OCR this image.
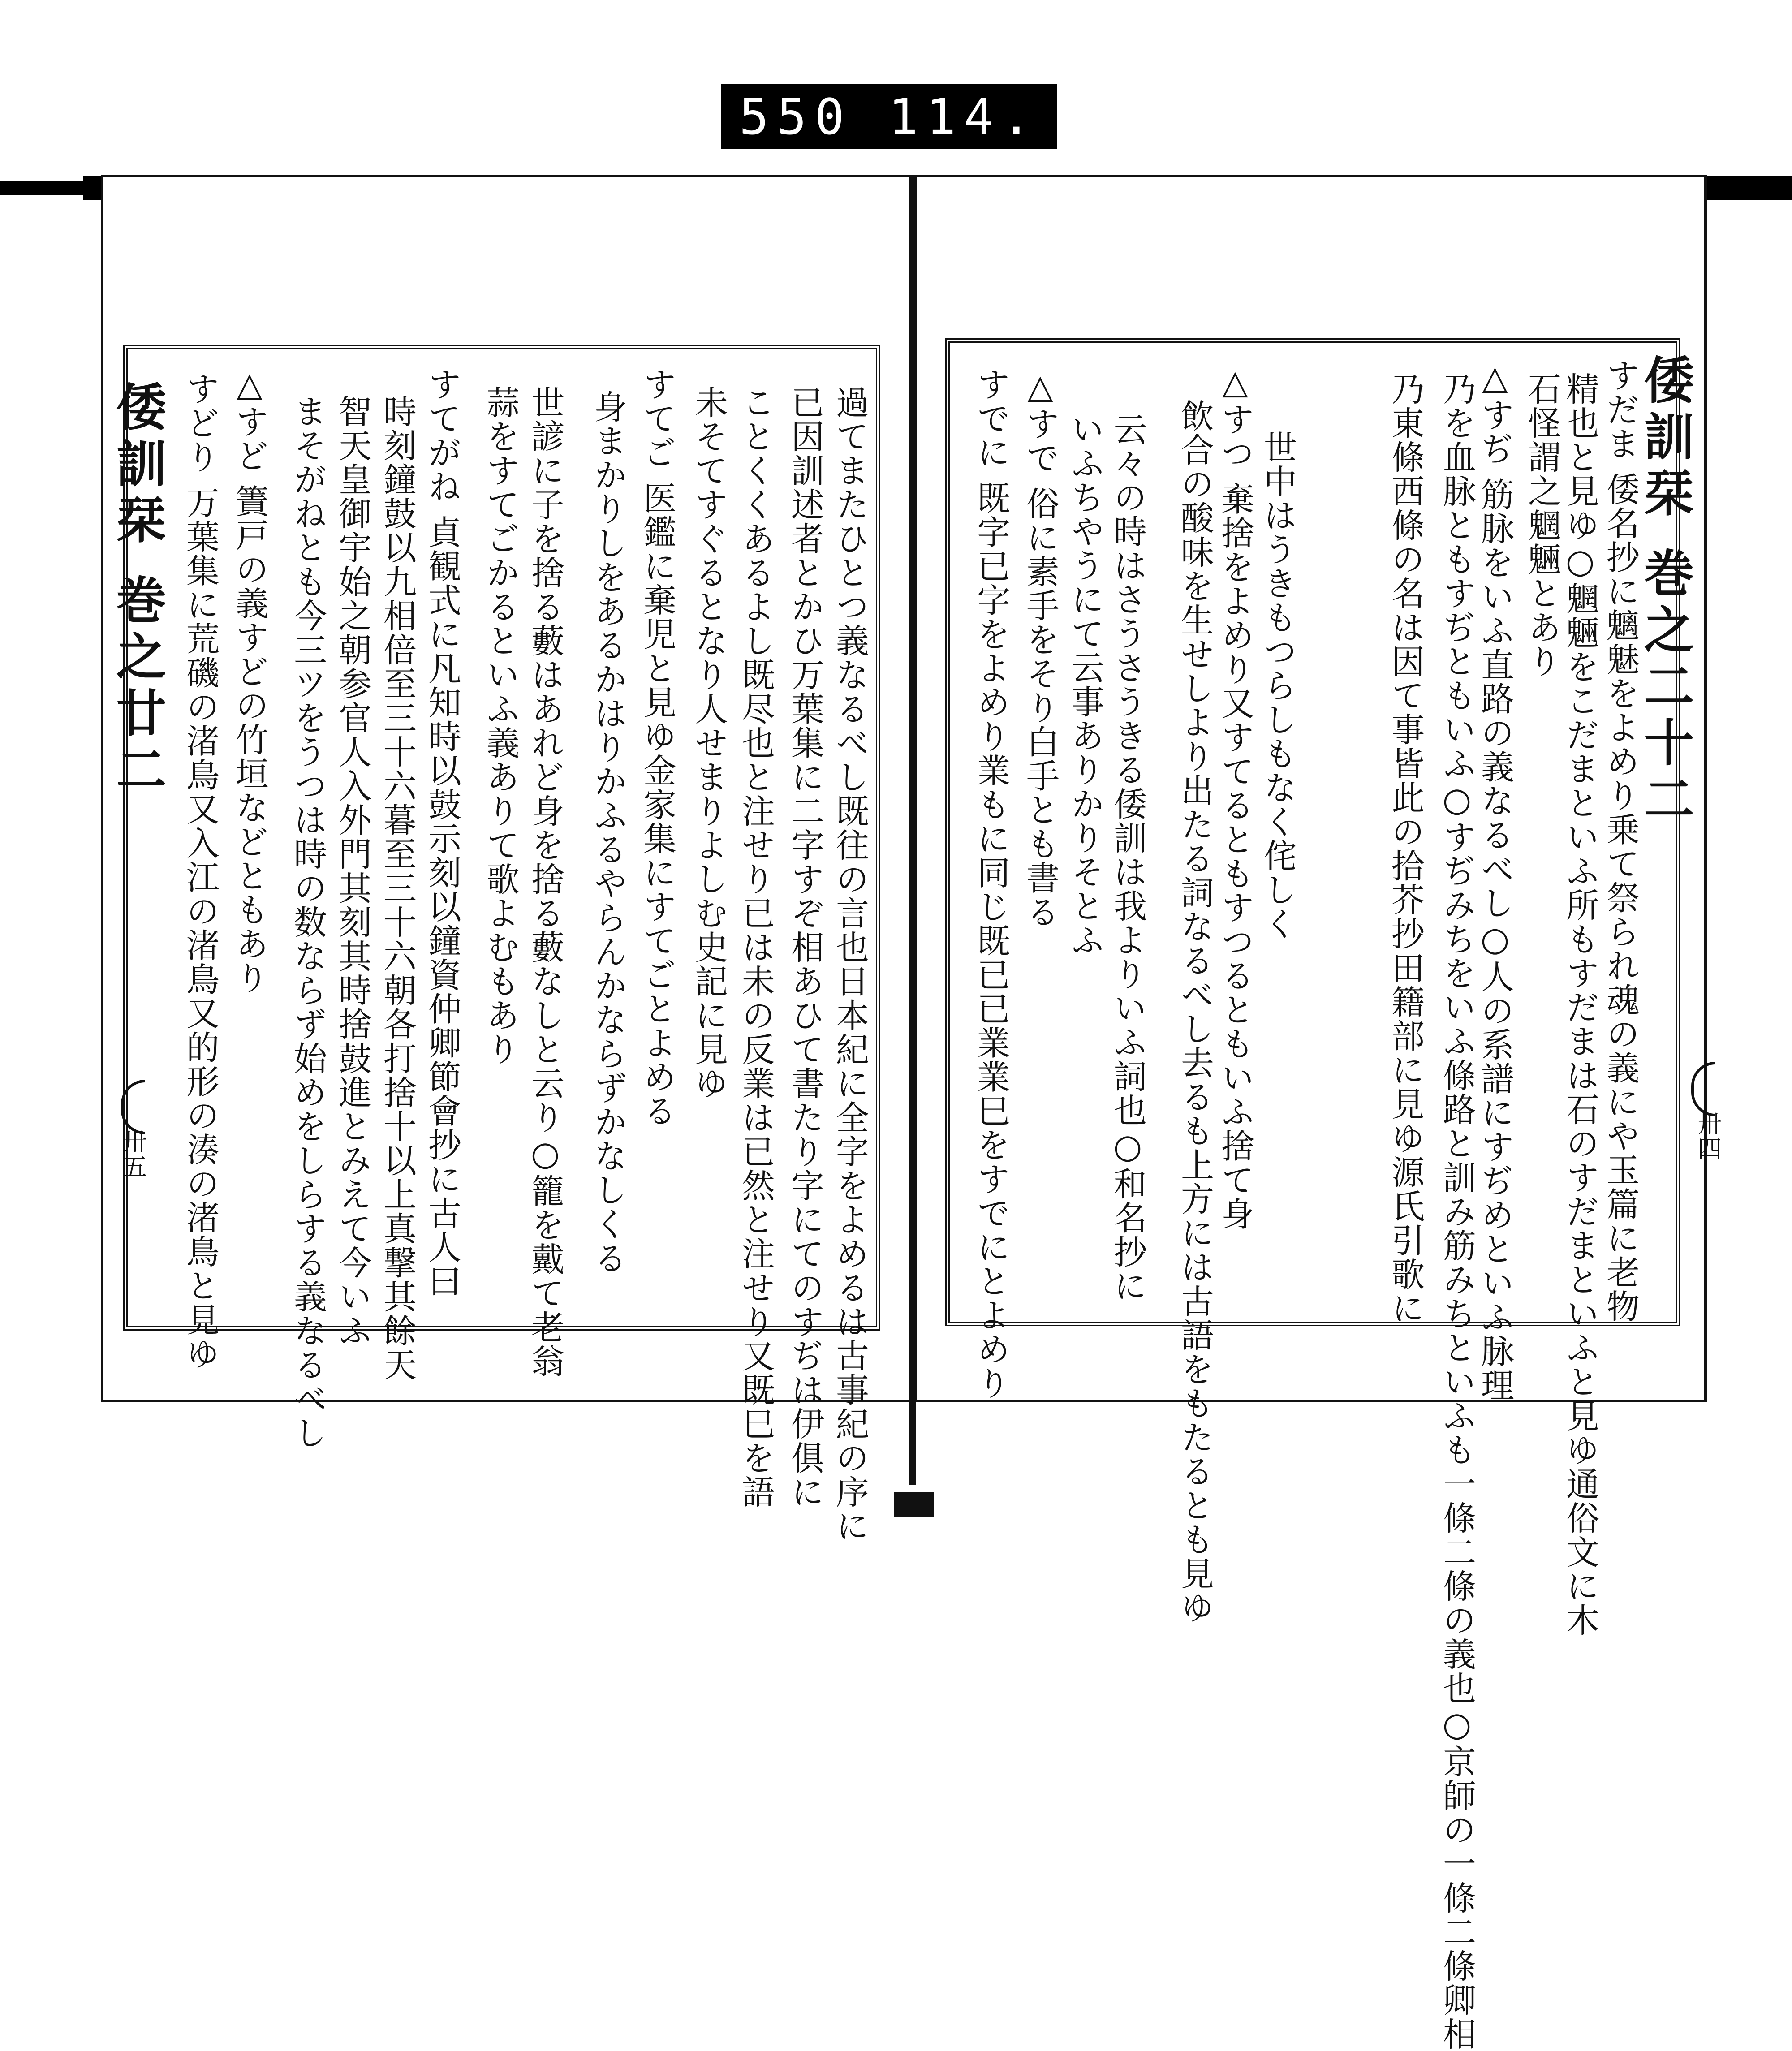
550 114.
倭訓栞 巻之二十二
卅四
すだま 倭名抄に魑魅をよめり乗て祭られ魂の義にや玉篇に老物
精也と見ゆ○魍魎をこだまといふ所もすだまは石のすだまといふと見ゆ通俗文に木
石怪謂之魍魎とあり
△すぢ 筋脉をいふ直路の義なるべし○人の系譜にすぢめといふ脉理
乃を血脉ともすぢともいふ○すぢみちをいふ條路と訓み筋みちといふも一條二條の義也○京師の一條二條卿相
乃東條西條の名は因て事皆此の拾芥抄田籍部に見ゆ源氏引歌に
世中はうきもつらしもなく侘しく
△すつ 棄捨をよめり又すてるともすつるともいふ捨て身
飲合の酸味を生せしより出たる詞なるべし去るも上方には古語をもたるとも見ゆ
云々の時はさうさうきる倭訓は我よりいふ詞也○和名抄に
いふちやうにて云事ありかりそとふ
△すで 俗に素手をそり白手とも書る
すでに 既字已字をよめり業もに同じ既已已業業巳をすでにとよめり
倭訓栞 巻之廿二
卅五	過てまたひとつ義なるべし既往の言也日本紀に全字をよめるは古事紀の序に
已因訓述者とかひ万葉集に二字すぞ相あひて書たり字にてのすぢは伊俱に
ことくくあるよし既尽也と注せり已は未の反業は已然と注せり又既巳を語
未そてすぐるとなり人せまりよしむ史記に見ゆ
すてご 医鑑に棄児と見ゆ金家集にすてごとよめる
身まかりしをあるかはりかふるやらんかならずかなしくる
世諺に子を捨る藪はあれど身を捨る藪なしと云り○籠を戴て老翁
蒜をすてごかるといふ義ありて歌よむもあり
すてがね 貞観式に凡知時以鼓示刻以鐘資仲卿節會抄に古人曰
時刻鐘鼓以九相倍至三十六暮至三十六朝各打捨十以上真撃其餘天
智天皇御宇始之朝参官人入外門其刻其時捨鼓進とみえて今いふ
まそがねとも今三ツをうつは時の数ならず始めをしらする義なるべし
△すど 簀戸の義すどの竹垣などともあり
すどり 万葉集に荒磯の渚鳥又入江の渚鳥又的形の湊の渚鳥と見ゆ
